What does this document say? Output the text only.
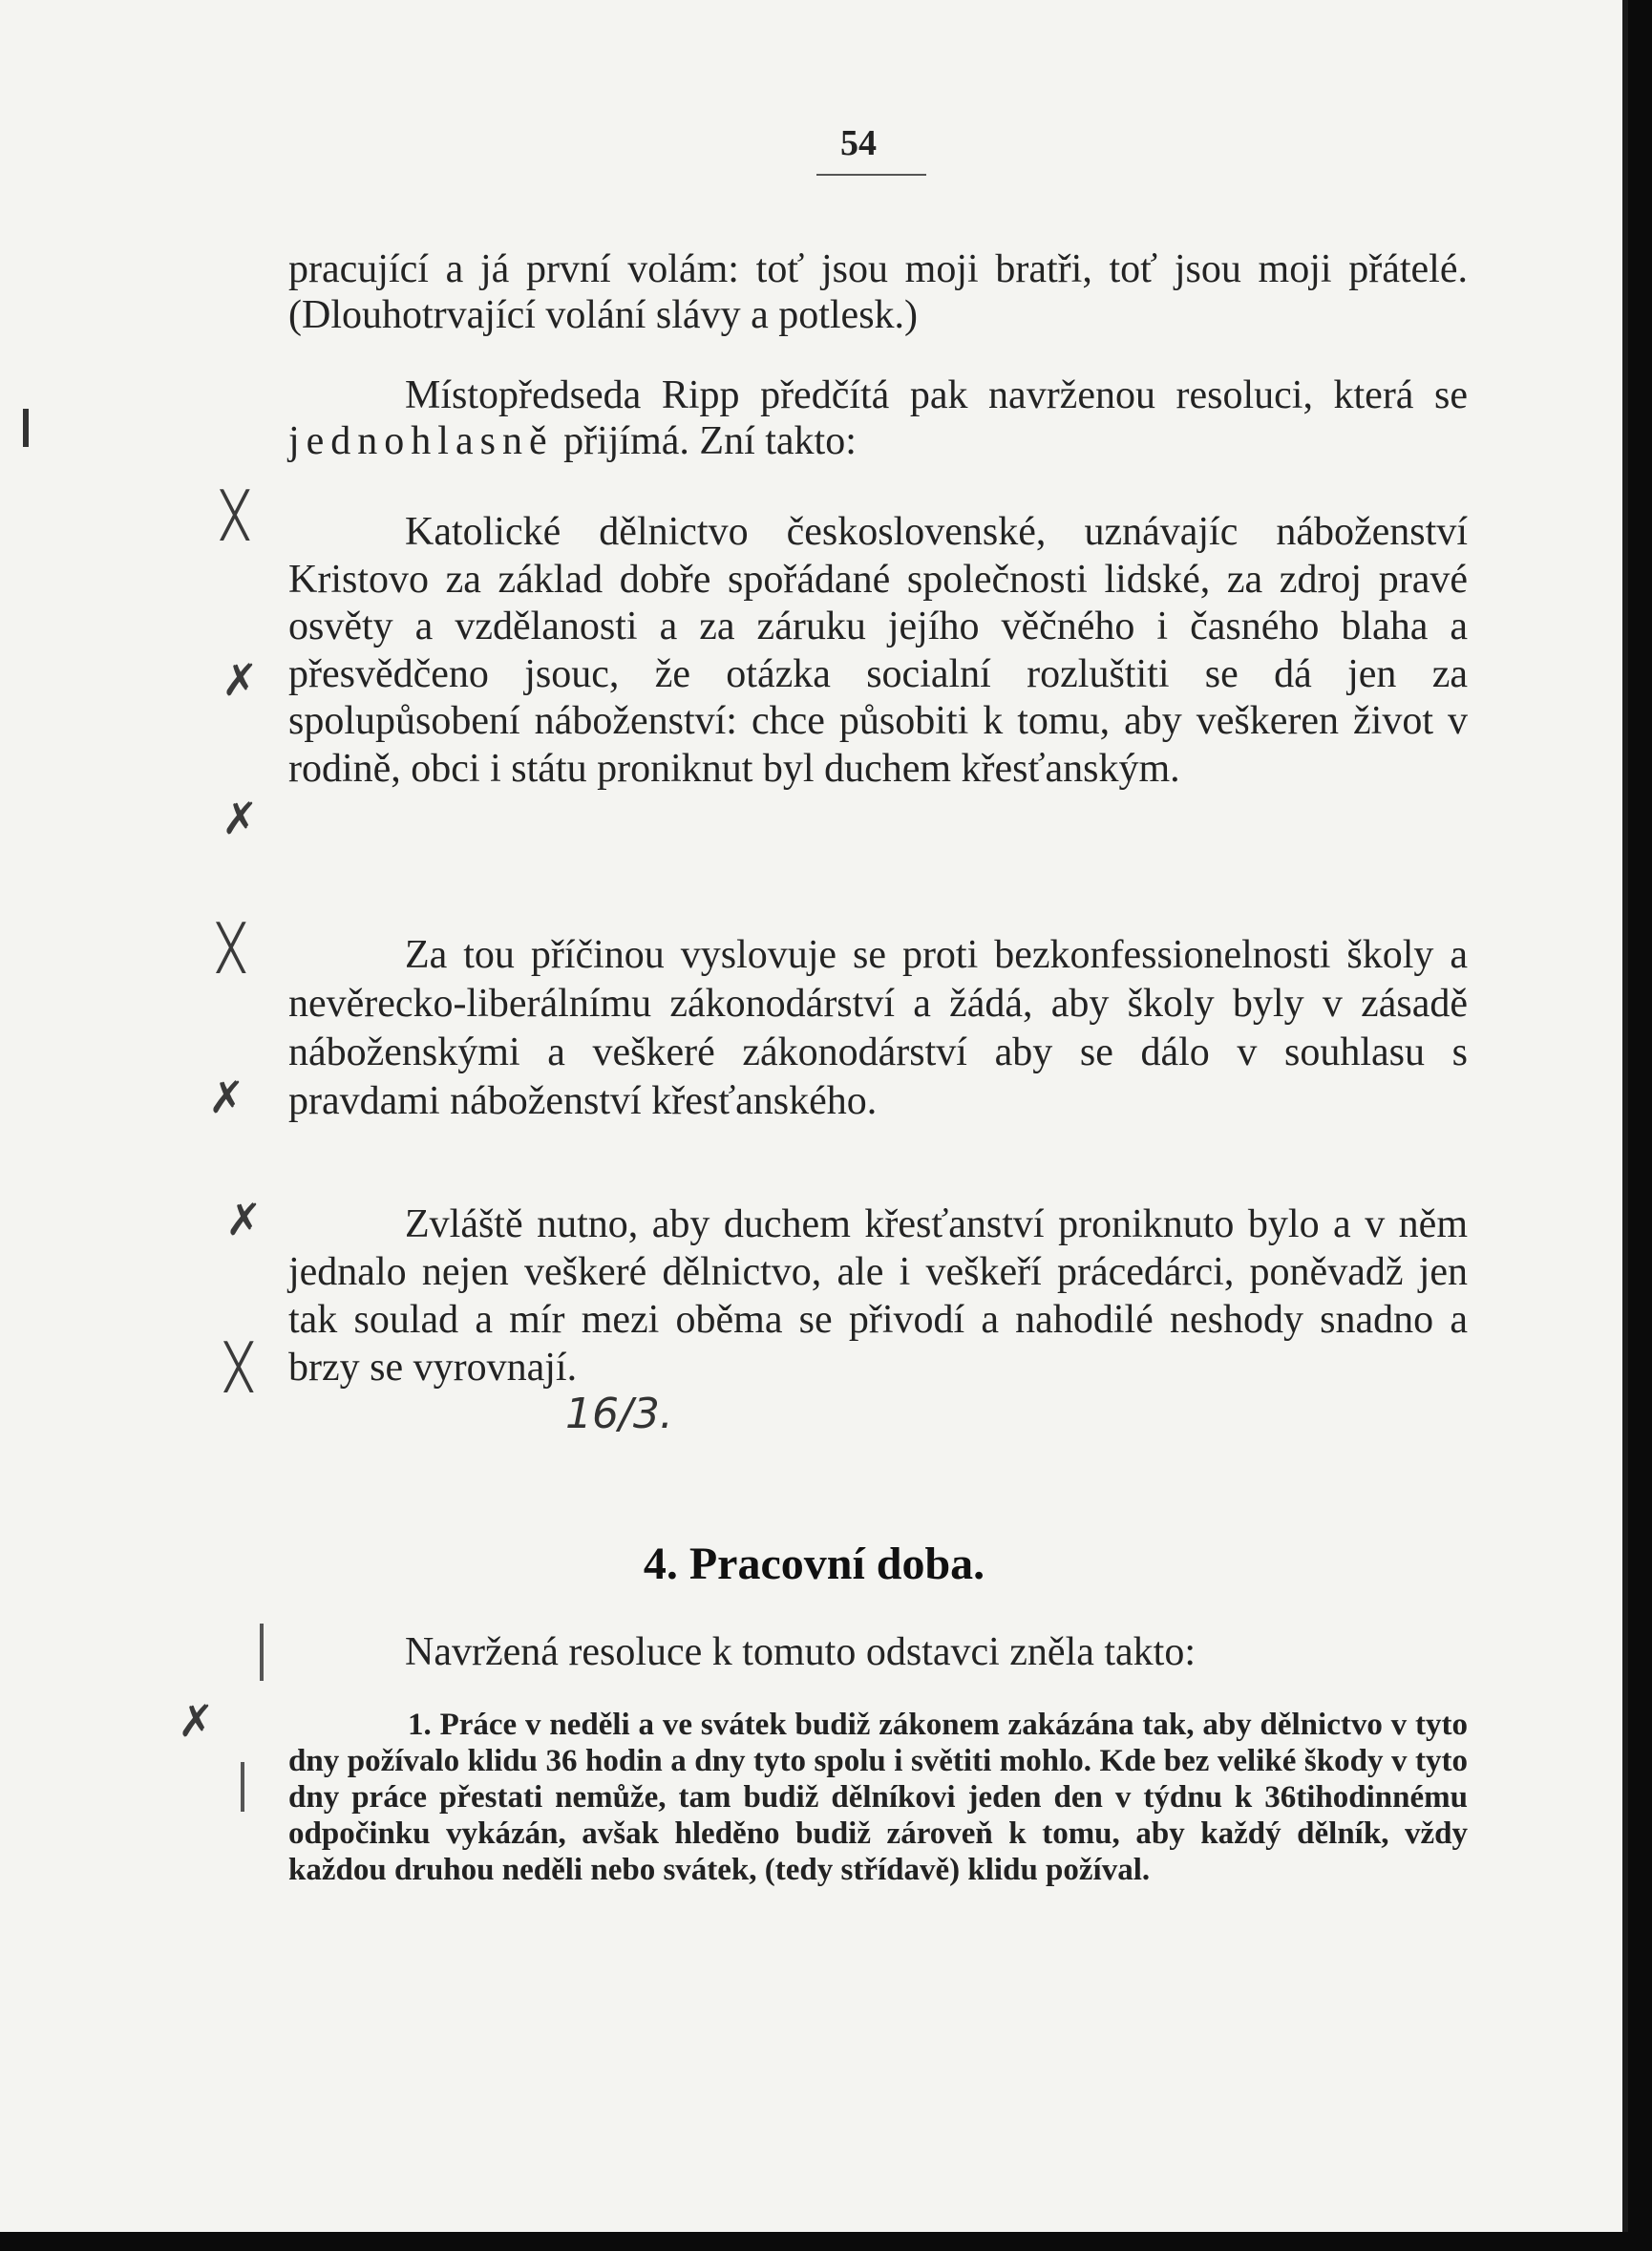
54

pracující a já první volám: toť jsou moji bratři, toť jsou moji přátelé. (Dlouhotrvající volání slávy a potlesk.)

Místopředseda Ripp předčítá pak navrženou resoluci, která se jednohlasně přijímá. Zní takto:

Katolické dělnictvo československé, uznávajíc náboženství Kristovo za základ dobře spořádané společnosti lidské, za zdroj pravé osvěty a vzdělanosti a za záruku jejího věčného i časného blaha a přesvědčeno jsouc, že otázka socialní rozluštiti se dá jen za spolupůsobení náboženství: chce působiti k tomu, aby veškeren život v rodině, obci i státu proniknut byl duchem křesťanským.

Za tou příčinou vyslovuje se proti bezkonfessionelnosti školy a nevěrecko-liberálnímu zákonodárství a žádá, aby školy byly v zásadě náboženskými a veškeré zákonodárství aby se dálo v souhlasu s pravdami náboženství křesťanského.

Zvláště nutno, aby duchem křesťanství proniknuto bylo a v něm jednalo nejen veškeré dělnictvo, ale i veškeří prácedárci, poněvadž jen tak soulad a mír mezi oběma se přivodí a nahodilé neshody snadno a brzy se vyrovnají.

16/3.
4. Pracovní doba.

Navržená resoluce k tomuto odstavci zněla takto:

1. Práce v neděli a ve svátek budiž zákonem zakázána tak, aby dělnictvo v tyto dny požívalo klidu 36 hodin a dny tyto spolu i světiti mohlo. Kde bez veliké škody v tyto dny práce přestati nemůže, tam budiž dělníkovi jeden den v týdnu k 36tihodinnému odpočinku vykázán, avšak hleděno budiž zároveň k tomu, aby každý dělník, vždy každou druhou neděli nebo svátek, (tedy střídavě) klidu požíval.

╳
✗
✗
╳
✗
✗
╳
✗
